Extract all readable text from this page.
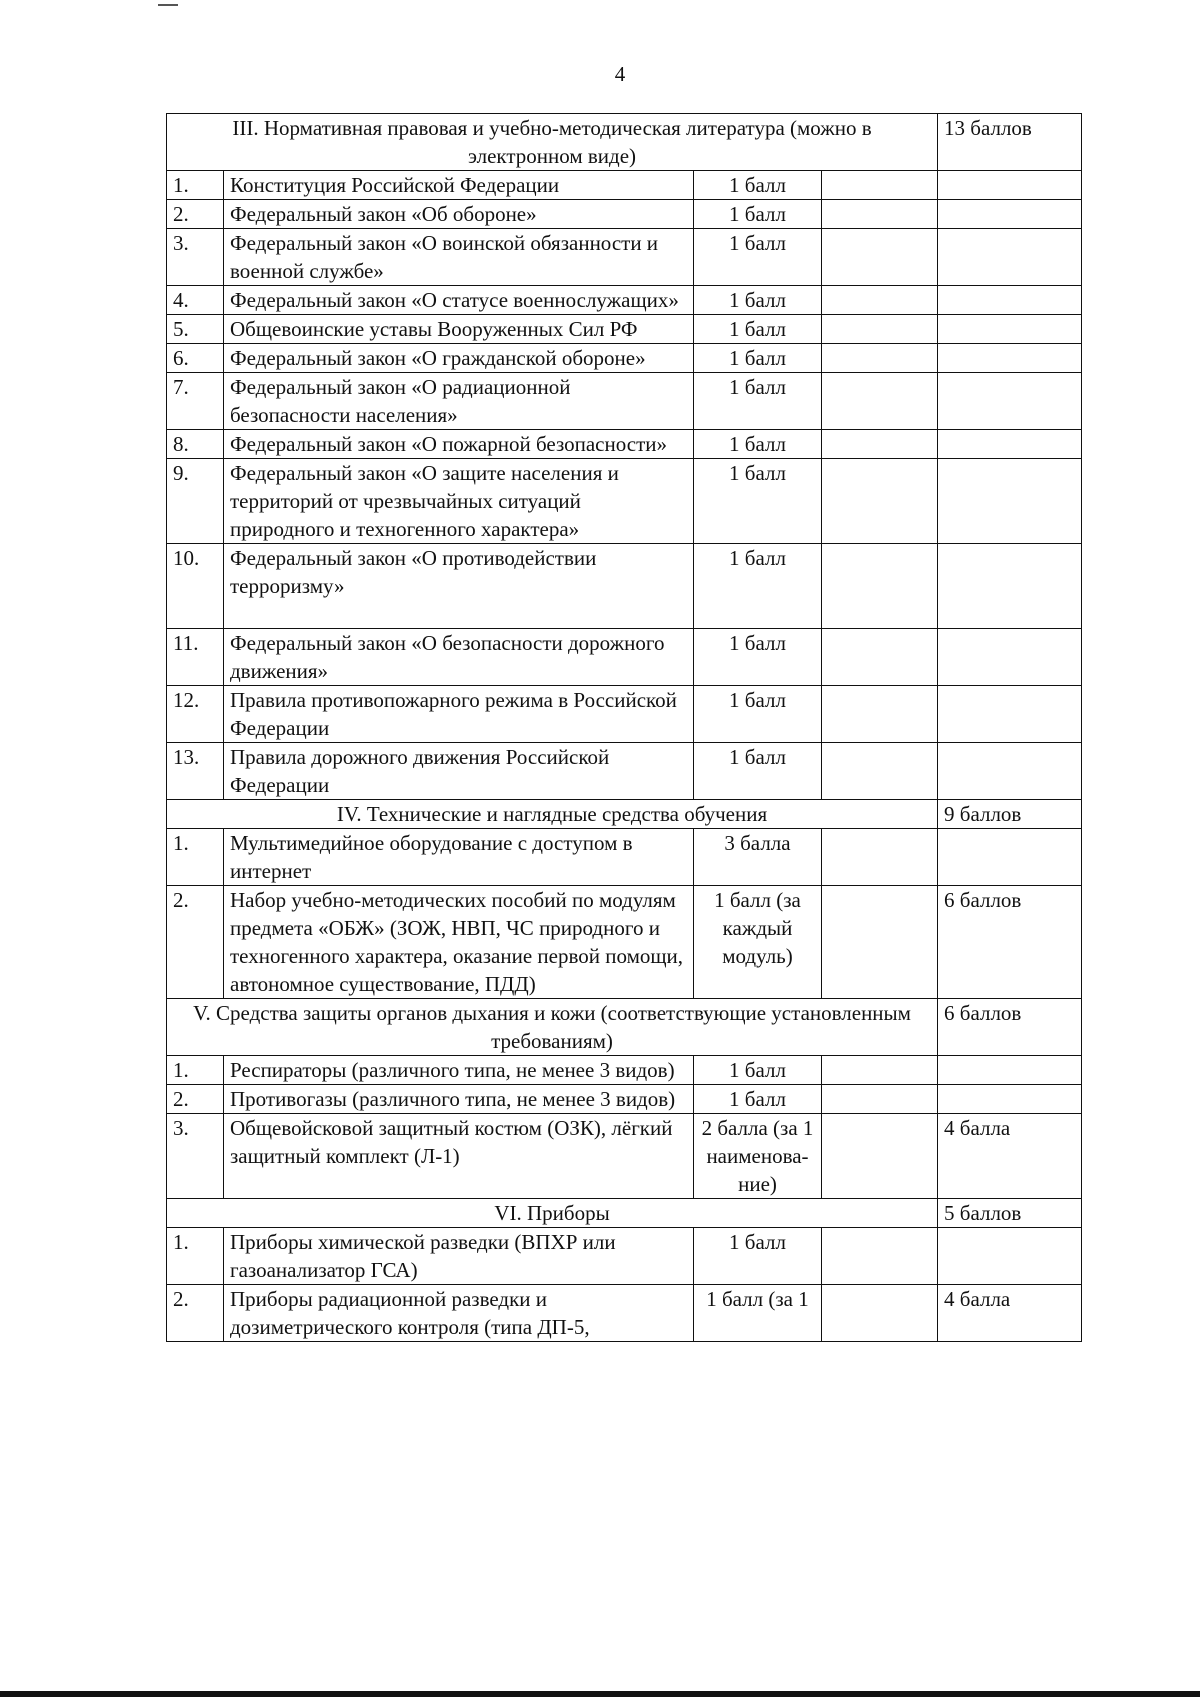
4
III. Нормативная правовая и учебно-методическая литература (можно в электронном виде)				13 баллов
1.	Конституция Российской Федерации	1 балл		
2.	Федеральный закон «Об обороне»	1 балл		
3.	Федеральный закон «О воинской обязанности и военной службе»	1 балл		
4.	Федеральный закон «О статусе военнослужащих»	1 балл		
5.	Общевоинские уставы Вооруженных Сил РФ	1 балл		
6.	Федеральный закон «О гражданской обороне»	1 балл		
7.	Федеральный закон «О радиационной безопасности населения»	1 балл		
8.	Федеральный закон «О пожарной безопасности»	1 балл		
9.	Федеральный закон «О защите населения и территорий от чрезвычайных ситуаций природного и техногенного характера»	1 балл		
10.	Федеральный закон «О противодействии терроризму»	1 балл		
11.	Федеральный закон «О безопасности дорожного движения»	1 балл		
12.	Правила противопожарного режима в Российской Федерации	1 балл		
13.	Правила дорожного движения Российской Федерации	1 балл		
IV. Технические и наглядные средства обучения				9 баллов
1.	Мультимедийное оборудование с доступом в интернет	3 балла		
2.	Набор учебно-методических пособий по модулям предмета «ОБЖ» (ЗОЖ, НВП, ЧС природного и техногенного характера, оказание первой помощи, автономное существование, ПДД)	1 балл (за каждый модуль)		6 баллов
V. Средства защиты органов дыхания и кожи (соответствующие установленным требованиям)				6 баллов
1.	Респираторы (различного типа, не менее 3 видов)	1 балл		
2.	Противогазы (различного типа, не менее 3 видов)	1 балл		
3.	Общевойсковой защитный костюм (ОЗК), лёгкий защитный комплект (Л-1)	2 балла (за 1 наименова-ние)		4 балла
VI. Приборы				5 баллов
1.	Приборы химической разведки (ВПХР или газоанализатор ГСА)	1 балл		
2.	Приборы радиационной разведки и дозиметрического контроля (типа ДП-5,	1 балл (за 1		4 балла
